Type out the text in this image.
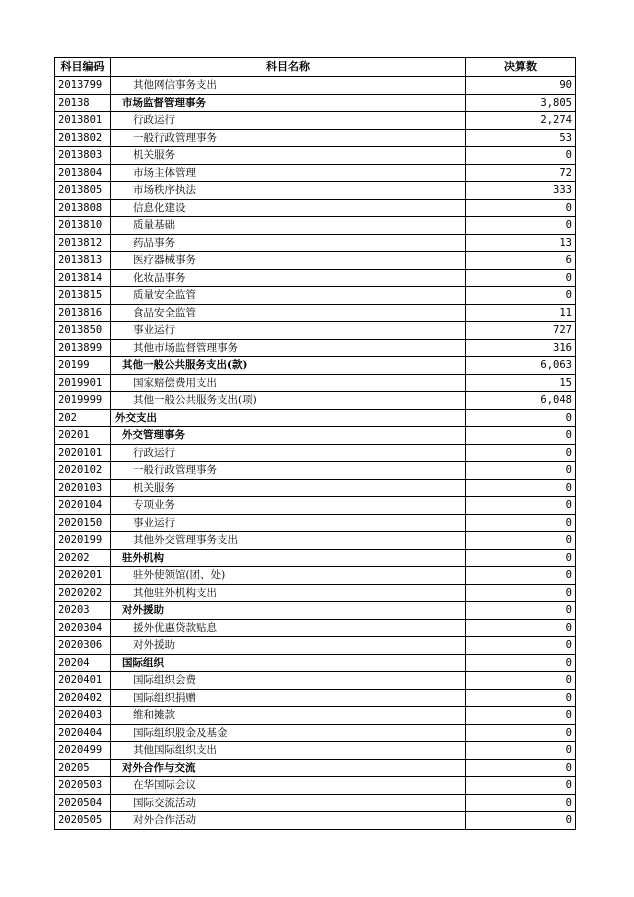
科目编码	科目名称	决算数
2013799	其他网信事务支出	90
20138	市场监督管理事务	3,805
2013801	行政运行	2,274
2013802	一般行政管理事务	53
2013803	机关服务	0
2013804	市场主体管理	72
2013805	市场秩序执法	333
2013808	信息化建设	0
2013810	质量基础	0
2013812	药品事务	13
2013813	医疗器械事务	6
2013814	化妆品事务	0
2013815	质量安全监管	0
2013816	食品安全监管	11
2013850	事业运行	727
2013899	其他市场监督管理事务	316
20199	其他一般公共服务支出(款)	6,063
2019901	国家赔偿费用支出	15
2019999	其他一般公共服务支出(项)	6,048
202	外交支出	0
20201	外交管理事务	0
2020101	行政运行	0
2020102	一般行政管理事务	0
2020103	机关服务	0
2020104	专项业务	0
2020150	事业运行	0
2020199	其他外交管理事务支出	0
20202	驻外机构	0
2020201	驻外使领馆(团、处)	0
2020202	其他驻外机构支出	0
20203	对外援助	0
2020304	援外优惠贷款贴息	0
2020306	对外援助	0
20204	国际组织	0
2020401	国际组织会费	0
2020402	国际组织捐赠	0
2020403	维和摊款	0
2020404	国际组织股金及基金	0
2020499	其他国际组织支出	0
20205	对外合作与交流	0
2020503	在华国际会议	0
2020504	国际交流活动	0
2020505	对外合作活动	0
